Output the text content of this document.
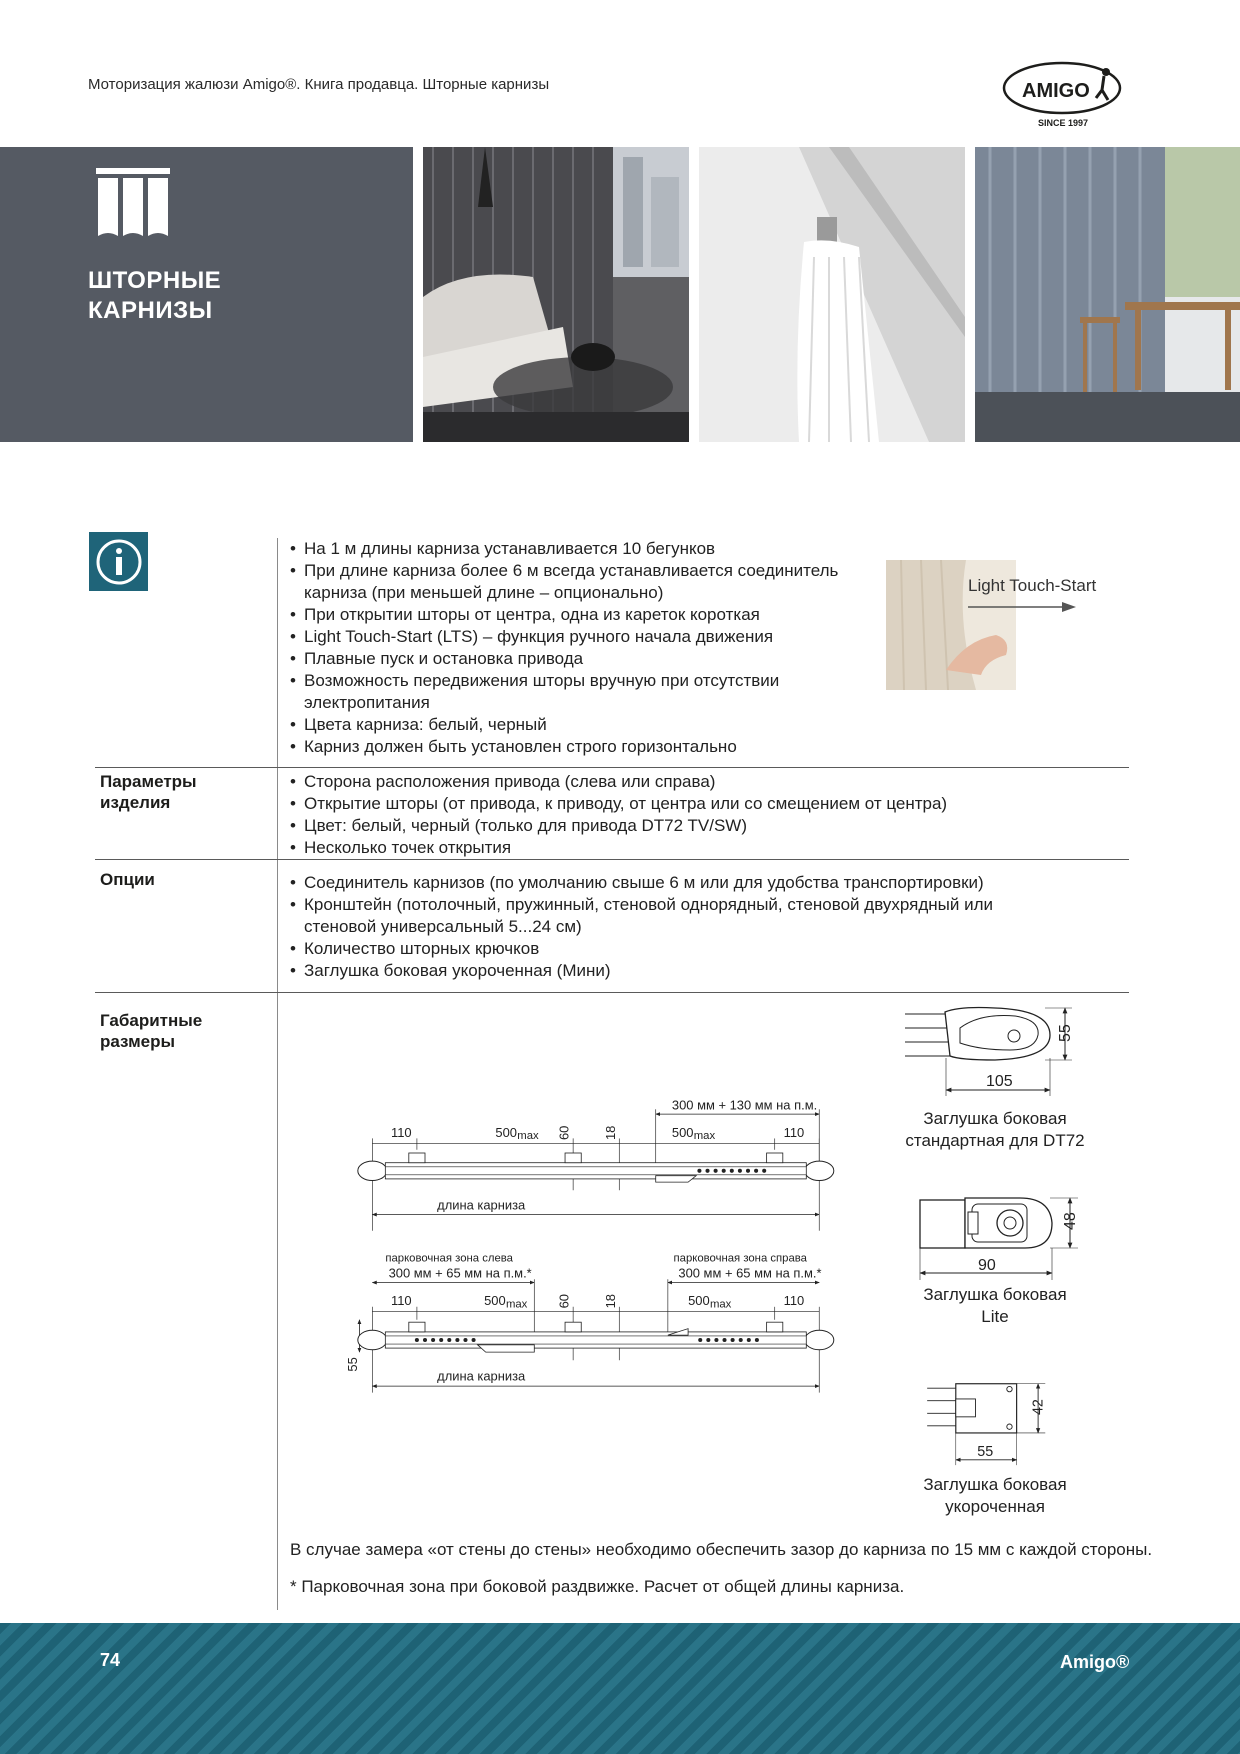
Моторизация жалюзи Amigo®. Книга продавца. Шторные карнизы	AMIGO
SINCE 1997
ШТОРНЫЕ
КАРНИЗЫ
• На 1 м длины карниза устанавливается 10 бегунков
• При длине карниза более 6 м всегда устанавливается соединитель
карниза (при меньшей длине – опционально)
• При открытии шторы от центра, одна из кареток короткая
• Light Touch-Start (LTS) – функция ручного начала движения
• Плавные пуск и остановка привода
• Возможность передвижения шторы вручную при отсутствии
электропитания
• Цвета карниза: белый, черный
• Карниз должен быть установлен строго горизонтально
Light Touch-Start
Параметры
изделия
• Сторона расположения привода (слева или справа)
• Открытие шторы (от привода, к приводу, от центра или со смещением от центра)
• Цвет: белый, черный (только для привода DT72 TV/SW)
• Несколько точек открытия
Опции
•	Соединитель карнизов (по умолчанию свыше 6 м или для удобства транспортировки)
• Кронштейн (потолочный, пружинный, стеновой однорядный, стеновой двухрядный или
стеновой универсальный 5...24 см)
• Количество шторных крючков
• Заглушка боковая укороченная (Мини)
Габаритные
размеры
300 мм + 130 мм на п.м.
110	500 max	500 max	110
60 18
длина карниза
парковочная зона слева
300 мм + 65 мм на п.м.*
парковочная зона справа
300 мм + 65 мм на п.м.*
110	500 max	500 max	110
60 18
55
длина карниза
55
105
Заглушка боковая
стандартная для DT72
48
90
Заглушка боковая
Lite
42
55
Заглушка боковая
укороченная
В случае замера «от стены до стены» необходимо обеспечить зазор до карниза по 15 мм с каждой стороны.
* Парковочная зона при боковой раздвижке. Расчет от общей длины карниза.
74	Amigo®
